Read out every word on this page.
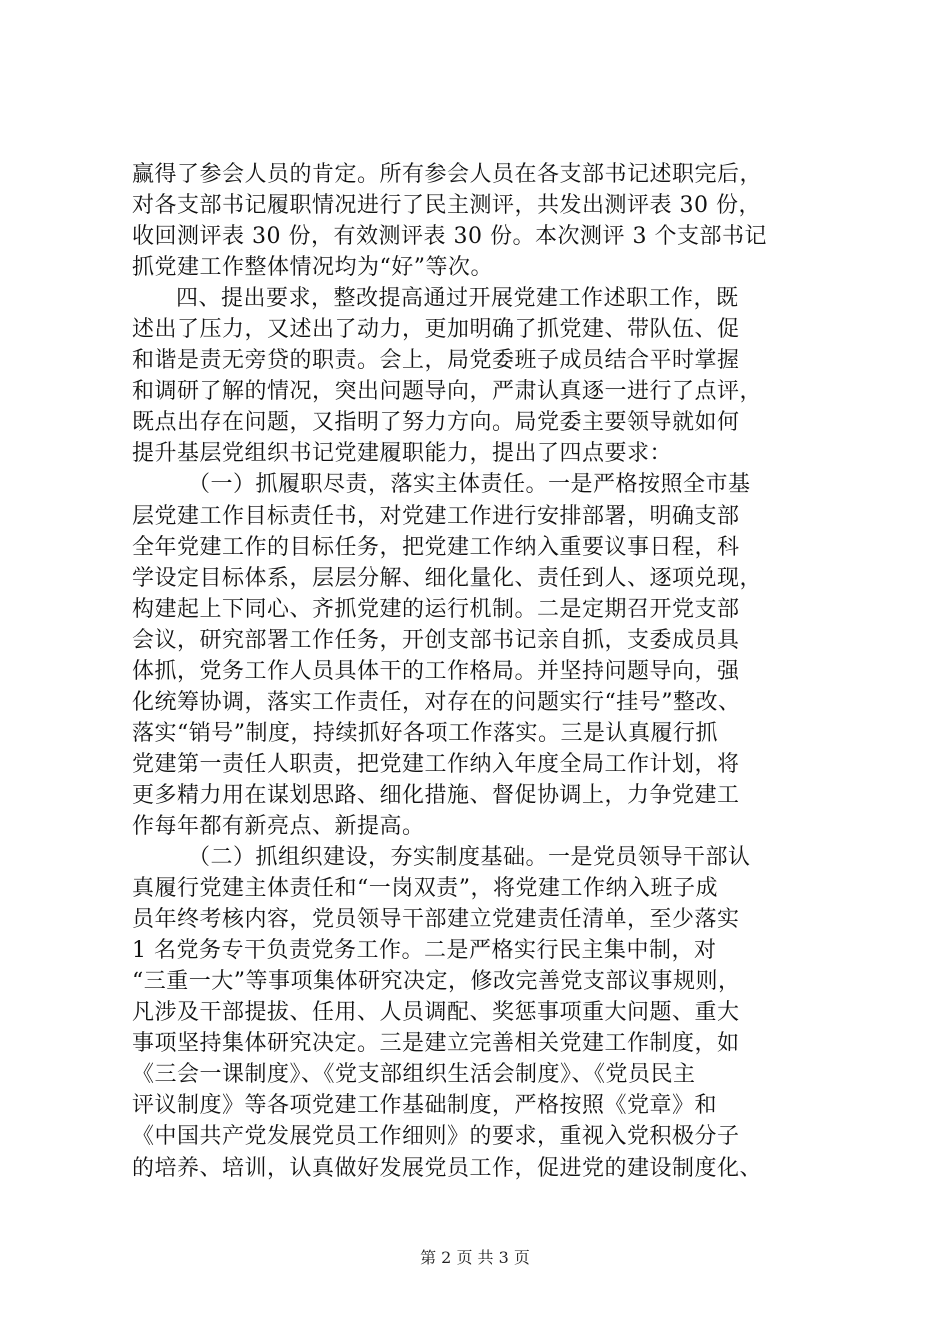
赢得了参会人员的肯定。所有参会人员在各支部书记述职完后，
对各支部书记履职情况进行了民主测评，共发出测评表 30 份，
收回测评表 30 份，有效测评表 30 份。本次测评 3 个支部书记
抓党建工作整体情况均为“好”等次。
四、提出要求，整改提高通过开展党建工作述职工作，既
述出了压力，又述出了动力，更加明确了抓党建、带队伍、促
和谐是责无旁贷的职责。会上，局党委班子成员结合平时掌握
和调研了解的情况，突出问题导向，严肃认真逐一进行了点评，
既点出存在问题，又指明了努力方向。局党委主要领导就如何
提升基层党组织书记党建履职能力，提出了四点要求：
（一）抓履职尽责，落实主体责任。一是严格按照全市基
层党建工作目标责任书，对党建工作进行安排部署，明确支部
全年党建工作的目标任务，把党建工作纳入重要议事日程，科
学设定目标体系，层层分解、细化量化、责任到人、逐项兑现，
构建起上下同心、齐抓党建的运行机制。二是定期召开党支部
会议，研究部署工作任务，开创支部书记亲自抓，支委成员具
体抓，党务工作人员具体干的工作格局。并坚持问题导向，强
化统筹协调，落实工作责任，对存在的问题实行“挂号”整改、
落实“销号”制度，持续抓好各项工作落实。三是认真履行抓
党建第一责任人职责，把党建工作纳入年度全局工作计划，将
更多精力用在谋划思路、细化措施、督促协调上，力争党建工
作每年都有新亮点、新提高。
（二）抓组织建设，夯实制度基础。一是党员领导干部认
真履行党建主体责任和“一岗双责”，将党建工作纳入班子成
员年终考核内容，党员领导干部建立党建责任清单，至少落实
1 名党务专干负责党务工作。二是严格实行民主集中制，对
“三重一大”等事项集体研究决定，修改完善党支部议事规则，
凡涉及干部提拔、任用、人员调配、奖惩事项重大问题、重大
事项坚持集体研究决定。三是建立完善相关党建工作制度，如
《三会一课制度》、《党支部组织生活会制度》、《党员民主
评议制度》等各项党建工作基础制度，严格按照《党章》和
《中国共产党发展党员工作细则》的要求，重视入党积极分子
的培养、培训，认真做好发展党员工作，促进党的建设制度化、
第 2 页 共 3 页
